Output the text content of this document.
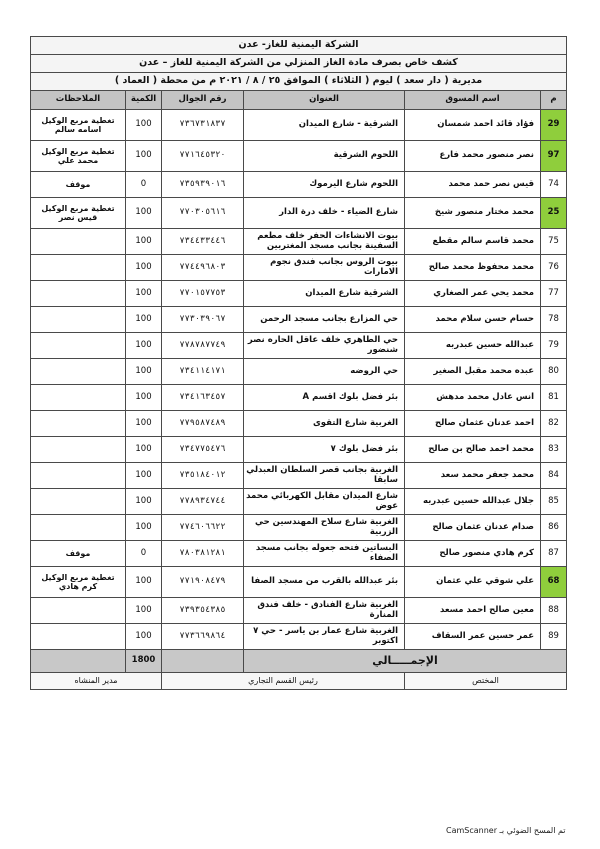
الشركة اليمنية للغاز- عدن					
كشف خاص بصرف مادة الغاز المنزلي من الشركة اليمنية للغاز – عدن					
مديرية ( دار سعد ) ليوم ( الثلاثاء ) الموافق ٢٥ / ٨ / ٢٠٢١ م من محطة ( العماد )					
م	اسم المسوق	العنوان	رقم الجوال	الكمية	الملاحظات
29	فؤاد قائد احمد شمسان	الشرقية - شارع الميدان	٧٣٦٧٣١٨٣٧	100	تغطية مربع الوكيل اسامه سالم
97	نصر منصور محمد فارع	اللحوم الشرقية	٧٧١٦٤٥٣٢٠	100	تغطية مربع الوكيل محمد علي
74	قيس نصر حمد محمد	اللحوم شارع اليرموك	٧٣٥٩٣٩٠١٦	0	موقف
25	محمد مختار منصور شيخ	شارع الضياء - خلف درة الدار	٧٧٠٣٠٥٦١٦	100	تغطية مربع الوكيل قيس نصر
75	محمد قاسم سالم مقطع	بيوت الانشاءات الحفر خلف مطعم السفينة بجانب مسجد المغتربين	٧٣٤٤٣٣٤٤٦	100	
76	محمد محفوظ محمد صالح	بيوت الروس بجانب فندق نجوم الامارات	٧٧٤٤٩٦٨٠٣	100	
77	محمد يحي عمر الصغاري	الشرقية شارع الميدان	٧٧٠١٥٧٧٥٣	100	
78	حسام حسن سلام محمد	حي المزارع بجانب مسجد الرحمن	٧٧٣٠٣٩٠٦٧	100	
79	عبدالله حسين عبدربه	حي الطاهري خلف عاقل الحاره نصر شنضور	٧٧٨٧٨٧٧٤٩	100	
80	عبده محمد مقبل الصغير	حي الروضه	٧٣٤١١٤١٧١	100	
81	انس عادل محمد مدهش	بئر فضل بلوك اقسم A	٧٣٤١٦٣٤٥٧	100	
82	احمد عدنان عثمان صالح	الغربية شارع التقوى	٧٧٩٥٨٧٤٨٩	100	
83	محمد احمد صالح بن صالح	بئر فضل بلوك ٧	٧٣٤٧٧٥٤٧٦	100	
84	محمد جعفر محمد سعد	الغربية بجانب قصر السلطان العبدلي سابقا	٧٣٥١٨٤٠١٢	100	
85	جلال عبدالله حسين عبدربه	شارع الميدان مقابل الكهربائي محمد عوض	٧٧٨٩٣٤٧٤٤	100	
86	صدام عدنان عثمان صالح	الغربية شارع سلاح المهندسين حي الزربية	٧٧٤٦٠٦٦٢٢	100	
87	كرم هادي منصور صالح	البساتين فتحه جعوله بجانب مسجد الصفاء	٧٨٠٣٨١٢٨١	0	موقف
68	علي شوقي علي عثمان	بئر عبدالله بالقرب من مسجد الصفا	٧٧١٩٠٨٤٧٩	100	تغطية مربع الوكيل كرم هادي
88	معين صالح احمد مسعد	الغربية شارع الفنادق - خلف فندق المنارة	٧٣٩٣٥٤٣٨٥	100	
89	عمر حسين عمر السقاف	الغربية شارع عمار بن ياسر - حي ٧ اكتوبر	٧٧٣٦٦٩٨٦٤	100	
الإجمـــــالي				1800	
المختص		رئيس القسم التجاري		مدير المنشاه	
تم المسح الضوئي بـ CamScanner
